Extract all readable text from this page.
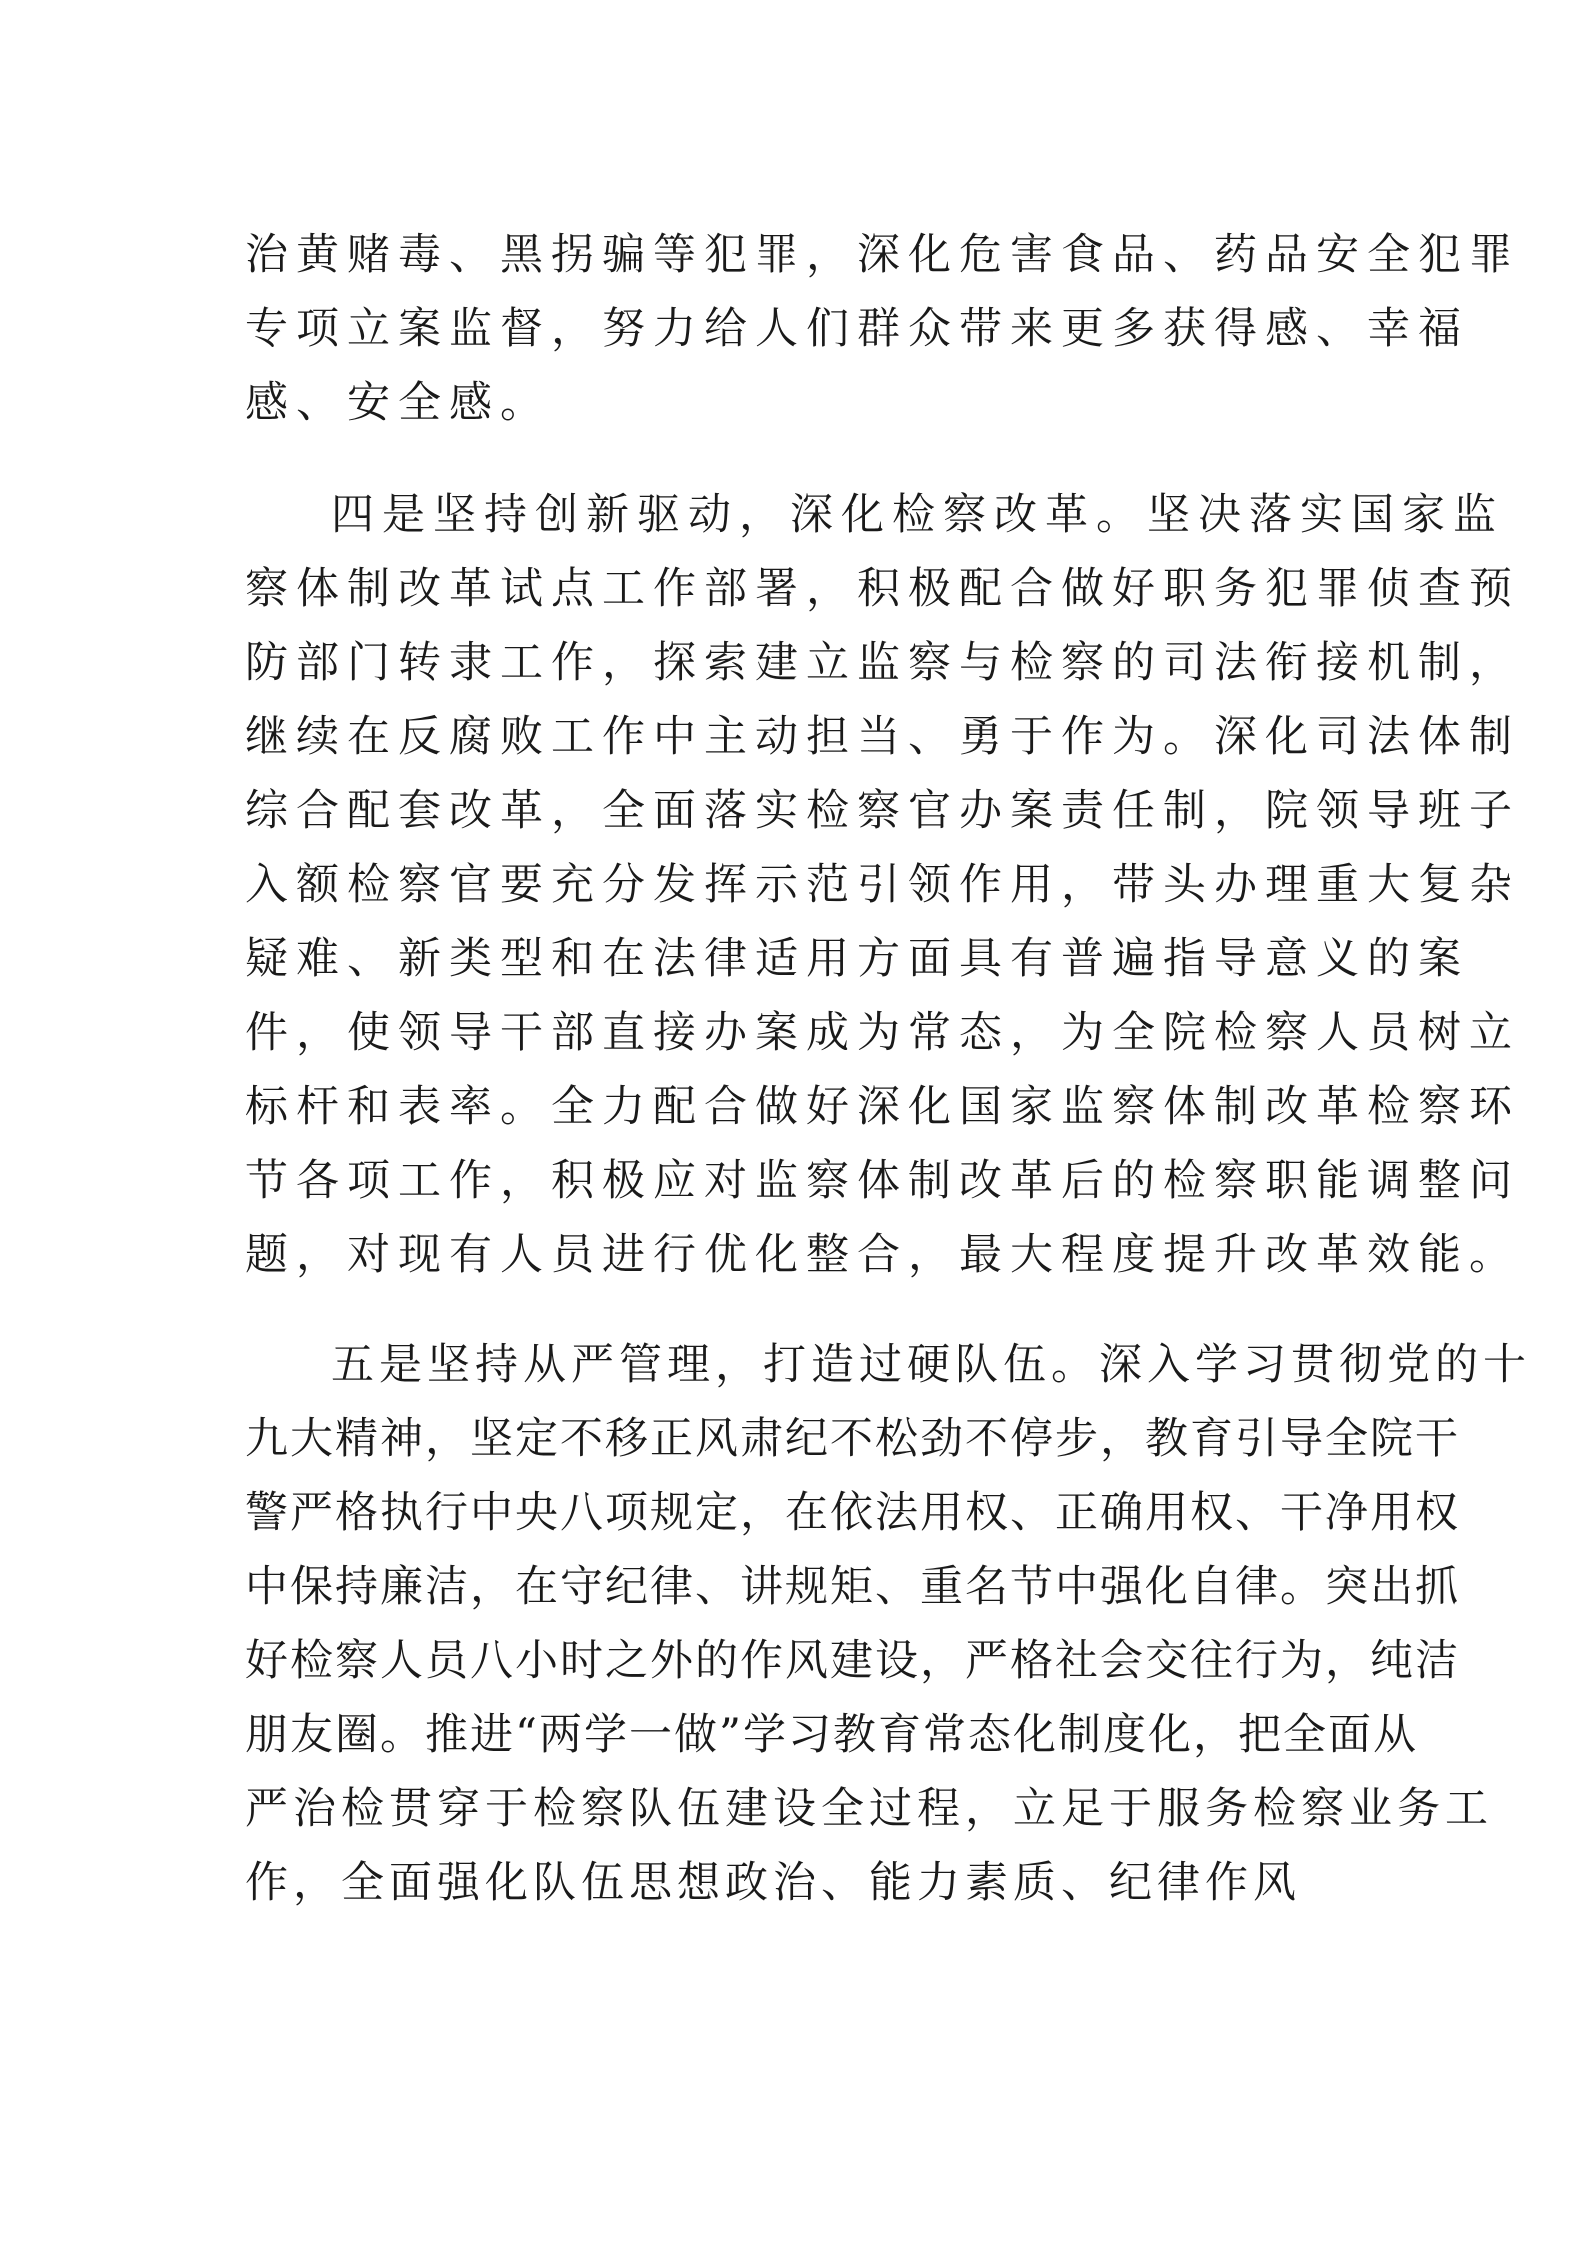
治黄赌毒、黑拐骗等犯罪，深化危害食品、药品安全犯罪
专项立案监督，努力给人们群众带来更多获得感、幸福
感、安全感。
四是坚持创新驱动，深化检察改革。坚决落实国家监
察体制改革试点工作部署，积极配合做好职务犯罪侦查预
防部门转隶工作，探索建立监察与检察的司法衔接机制，
继续在反腐败工作中主动担当、勇于作为。深化司法体制
综合配套改革，全面落实检察官办案责任制，院领导班子
入额检察官要充分发挥示范引领作用，带头办理重大复杂
疑难、新类型和在法律适用方面具有普遍指导意义的案
件，使领导干部直接办案成为常态，为全院检察人员树立
标杆和表率。全力配合做好深化国家监察体制改革检察环
节各项工作，积极应对监察体制改革后的检察职能调整问
题，对现有人员进行优化整合，最大程度提升改革效能。
五是坚持从严管理，打造过硬队伍。深入学习贯彻党的十
九大精神，坚定不移正风肃纪不松劲不停步，教育引导全院干
警严格执行中央八项规定，在依法用权、正确用权、干净用权
中保持廉洁，在守纪律、讲规矩、重名节中强化自律。突出抓
好检察人员八小时之外的作风建设，严格社会交往行为，纯洁
朋友圈。推进“两学一做”学习教育常态化制度化，把全面从
严治检贯穿于检察队伍建设全过程，立足于服务检察业务工
作，全面强化队伍思想政治、能力素质、纪律作风
